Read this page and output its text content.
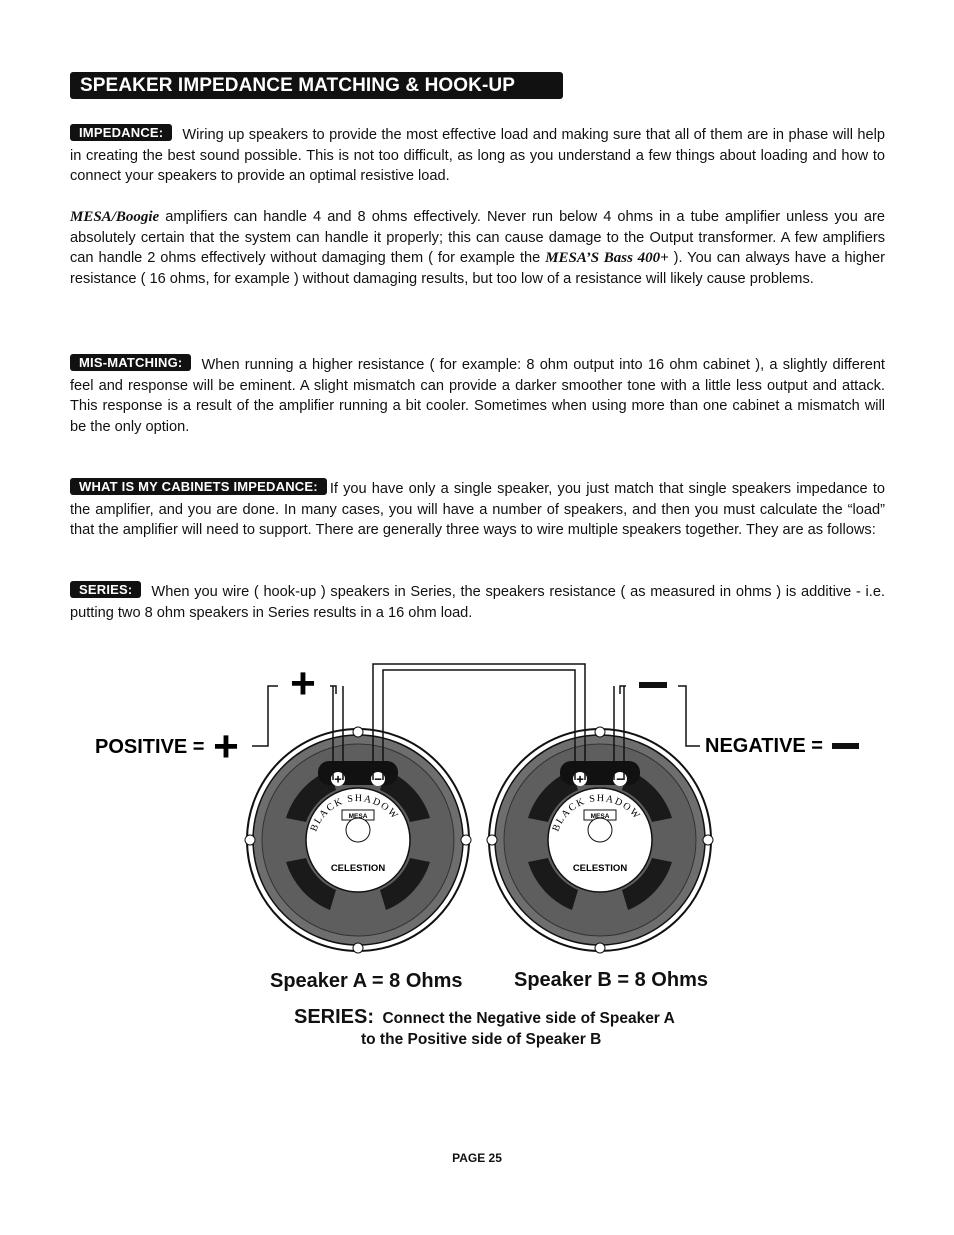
SPEAKER IMPEDANCE MATCHING & HOOK-UP GUIDE:

IMPEDANCE: Wiring up speakers to provide the most effective load and making sure that all of them are in phase will help in creating the best sound possible. This is not too difficult, as long as you understand a few things about loading and how to connect your speakers to provide an optimal resistive load.

MESA/Boogie amplifiers can handle 4 and 8 ohms effectively. Never run below 4 ohms in a tube amplifier unless you are absolutely certain that the system can handle it properly; this can cause damage to the Output transformer. A few amplifiers can handle 2 ohms effectively without damaging them ( for example the MESA’S Bass 400+ ). You can always have a higher resistance ( 16 ohms, for example ) without damaging results, but too low of a resistance will likely cause problems.

MIS-MATCHING: When running a higher resistance ( for example: 8 ohm output into 16 ohm cabinet ), a slightly different feel and response will be eminent. A slight mismatch can provide a darker smoother tone with a little less output and attack. This response is a result of the amplifier running a bit cooler. Sometimes when using more than one cabinet a mismatch will be the only option.

WHAT IS MY CABINETS IMPEDANCE: If you have only a single speaker, you just match that single speakers impedance to the amplifier, and you are done. In many cases, you will have a number of speakers, and then you must calculate the “load” that the amplifier will need to support. There are generally three ways to wire multiple speakers together. They are as follows:

SERIES: When you wire ( hook-up ) speakers in Series, the speakers resistance ( as measured in ohms ) is additive - i.e. putting two 8 ohm speakers in Series results in a 16 ohm load.

+ −
BLACK SHADOW
MESA
CELESTION
+ −
BLACK SHADOW
MESA
CELESTION
+
POSITIVE = +	NEGATIVE =
Speaker A = 8 Ohms	Speaker B = 8 Ohms
SERIES: Connect the Negative side of Speaker A
to the Positive side of Speaker B
PAGE 25
